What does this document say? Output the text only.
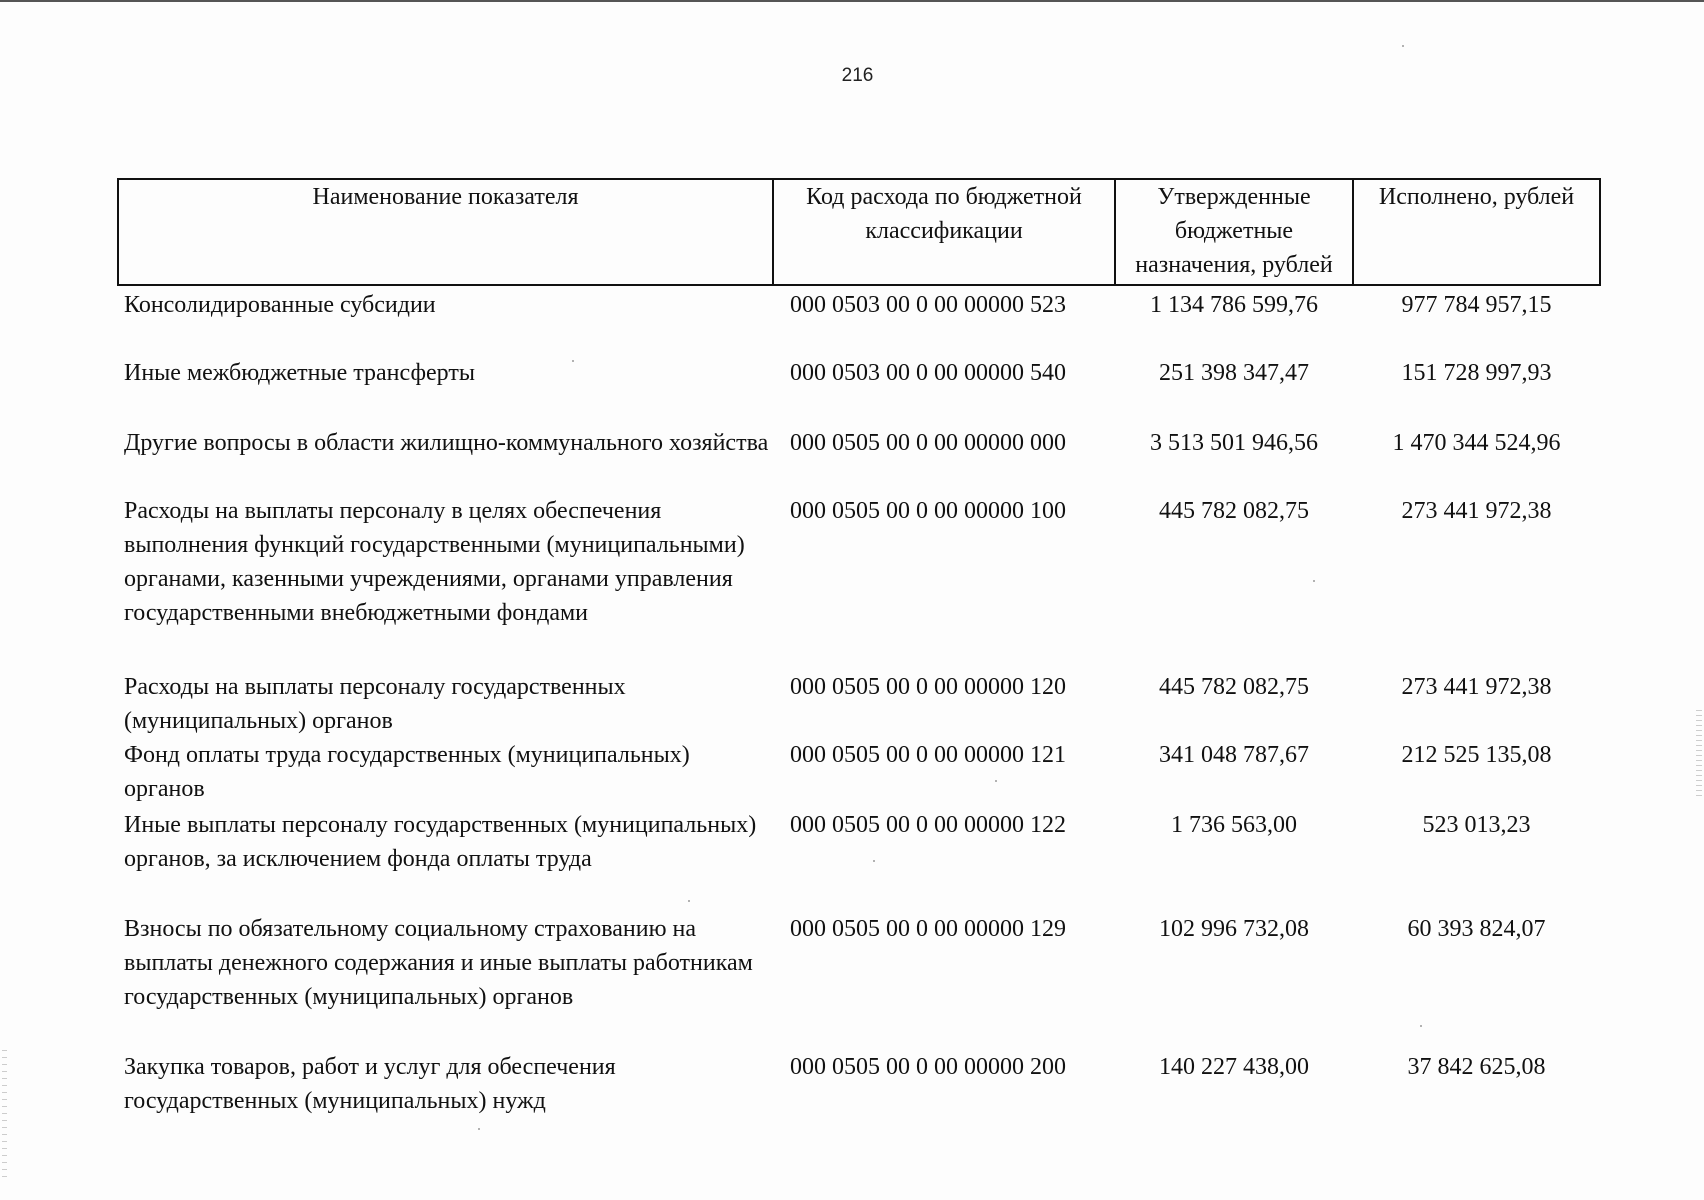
216
Наименование показателя	Код расхода по бюджетной классификации	Утвержденные бюджетные назначения, рублей	Исполнено, рублей
Консолидированные субсидии	000 0503 00 0 00 00000 523	1 134 786 599,76	977 784 957,15
Иные межбюджетные трансферты	000 0503 00 0 00 00000 540	251 398 347,47	151 728 997,93
Другие вопросы в области жилищно-коммунального хозяйства	000 0505 00 0 00 00000 000	3 513 501 946,56	1 470 344 524,96
Расходы на выплаты персоналу в целях обеспечения выполнения функций государственными (муниципальными) органами, казенными учреждениями, органами управления государственными внебюджетными фондами	000 0505 00 0 00 00000 100	445 782 082,75	273 441 972,38
Расходы на выплаты персоналу государственных (муниципальных) органов	000 0505 00 0 00 00000 120	445 782 082,75	273 441 972,38
Фонд оплаты труда государственных (муниципальных) органов	000 0505 00 0 00 00000 121	341 048 787,67	212 525 135,08
Иные выплаты персоналу государственных (муниципальных) органов, за исключением фонда оплаты труда	000 0505 00 0 00 00000 122	1 736 563,00	523 013,23
Взносы по обязательному социальному страхованию на выплаты денежного содержания и иные выплаты работникам государственных (муниципальных) органов	000 0505 00 0 00 00000 129	102 996 732,08	60 393 824,07
Закупка товаров, работ и услуг для обеспечения государственных (муниципальных) нужд	000 0505 00 0 00 00000 200	140 227 438,00	37 842 625,08
